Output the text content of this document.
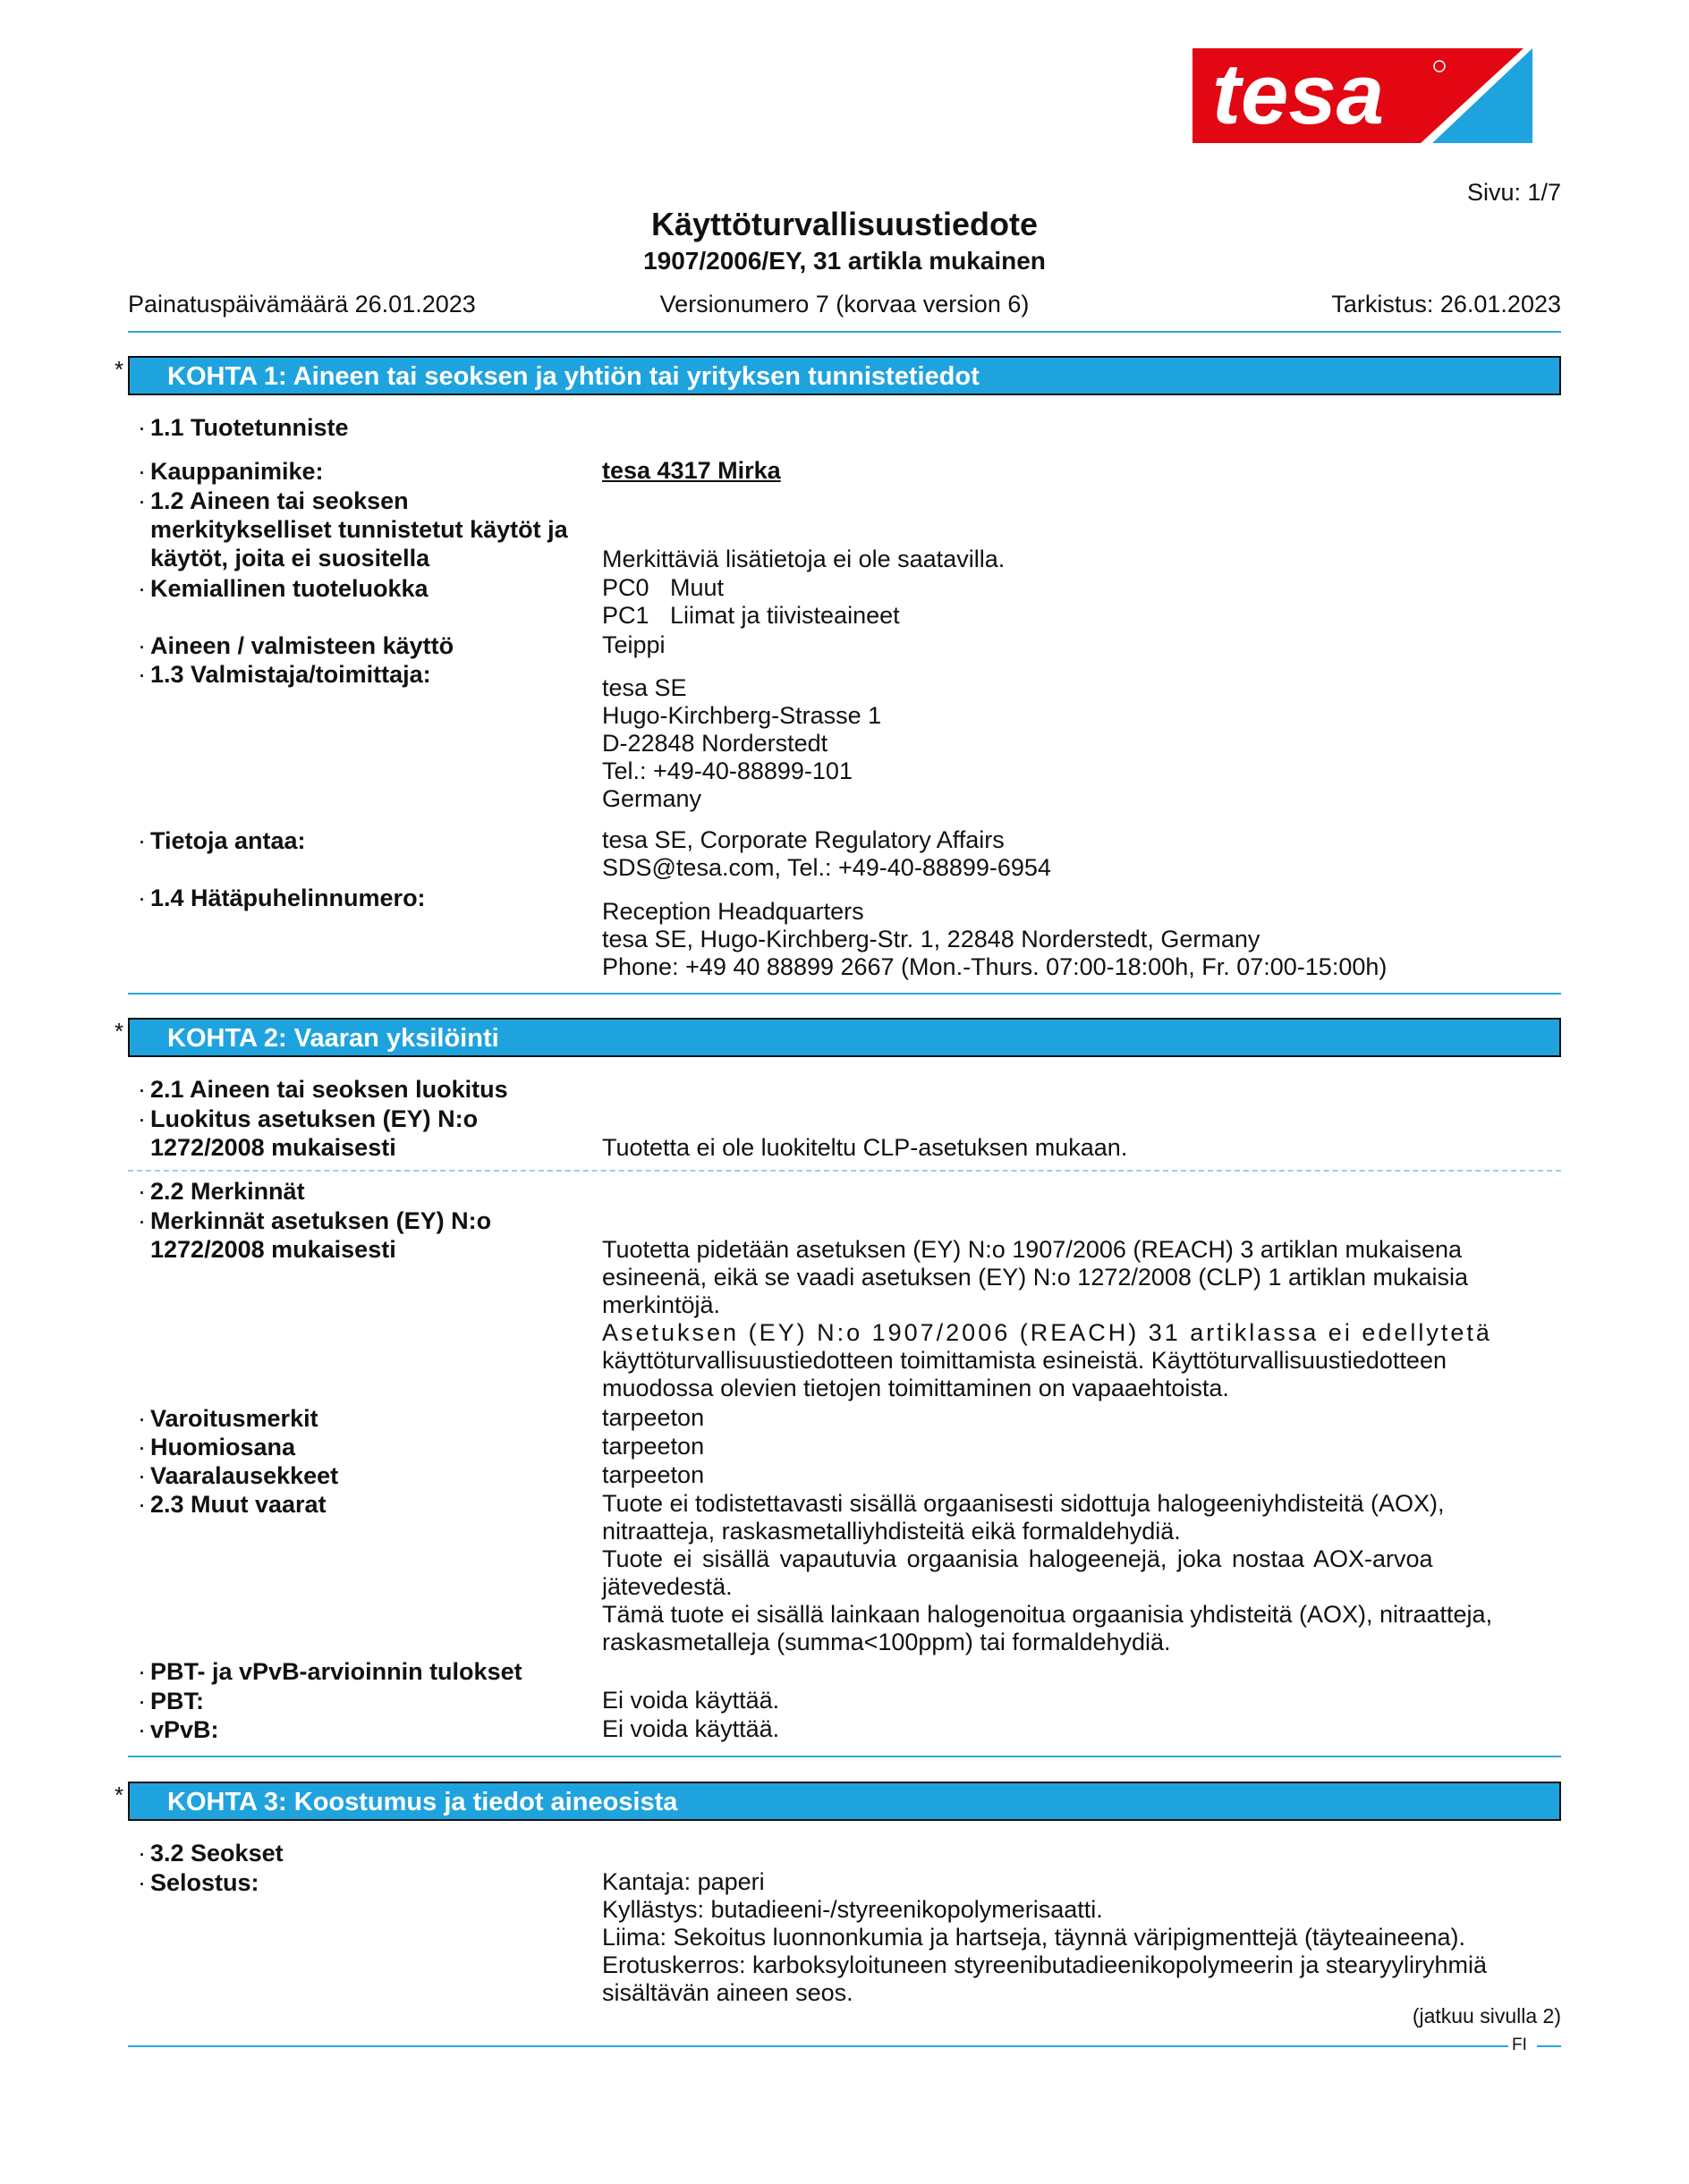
tesa
Sivu: 1/7
Käyttöturvallisuustiedote
1907/2006/EY, 31 artikla mukainen
Painatuspäivämäärä 26.01.2023	Versionumero 7 (korvaa version 6)	Tarkistus: 26.01.2023
* KOHTA 1: Aineen tai seoksen ja yhtiön tai yrityksen tunnistetiedot
· 1.1 Tuotetunniste
· Kauppanimike:	tesa 4317 Mirka
· 1.2 Aineen tai seoksen
merkitykselliset tunnistetut käytöt ja
käytöt, joita ei suositella	Merkittäviä lisätietoja ei ole saatavilla.
· Kemiallinen tuoteluokka	PC0 Muut
PC1 Liimat ja tiivisteaineet
· Aineen / valmisteen käyttö	Teippi
· 1.3 Valmistaja/toimittaja:	tesa SE
Hugo-Kirchberg-Strasse 1
D-22848 Norderstedt
Tel.: +49-40-88899-101
Germany
· Tietoja antaa:	tesa SE, Corporate Regulatory Affairs
SDS@tesa.com, Tel.: +49-40-88899-6954
· 1.4 Hätäpuhelinnumero:	Reception Headquarters
tesa SE, Hugo-Kirchberg-Str. 1, 22848 Norderstedt, Germany
Phone: +49 40 88899 2667 (Mon.-Thurs. 07:00-18:00h, Fr. 07:00-15:00h)
* KOHTA 2: Vaaran yksilöinti
· 2.1 Aineen tai seoksen luokitus
· Luokitus asetuksen (EY) N:o
1272/2008 mukaisesti	Tuotetta ei ole luokiteltu CLP-asetuksen mukaan.
· 2.2 Merkinnät
· Merkinnät asetuksen (EY) N:o
1272/2008 mukaisesti	Tuotetta pidetään asetuksen (EY) N:o 1907/2006 (REACH) 3 artiklan mukaisena
esineenä, eikä se vaadi asetuksen (EY) N:o 1272/2008 (CLP) 1 artiklan mukaisia
merkintöjä.
Asetuksen (EY) N:o 1907/2006 (REACH) 31 artiklassa ei edellytetä
käyttöturvallisuustiedotteen toimittamista esineistä. Käyttöturvallisuustiedotteen
muodossa olevien tietojen toimittaminen on vapaaehtoista.
· Varoitusmerkit	tarpeeton
· Huomiosana	tarpeeton
· Vaaralausekkeet	tarpeeton
· 2.3 Muut vaarat	Tuote ei todistettavasti sisällä orgaanisesti sidottuja halogeeniyhdisteitä (AOX),
nitraatteja, raskasmetalliyhdisteitä eikä formaldehydiä.
Tuote ei sisällä vapautuvia orgaanisia halogeenejä, joka nostaa AOX-arvoa
jätevedestä.
Tämä tuote ei sisällä lainkaan halogenoitua orgaanisia yhdisteitä (AOX), nitraatteja,
raskasmetalleja (summa<100ppm) tai formaldehydiä.
· PBT- ja vPvB-arvioinnin tulokset
· PBT:	Ei voida käyttää.
· vPvB:	Ei voida käyttää.
* KOHTA 3: Koostumus ja tiedot aineosista
· 3.2 Seokset
· Selostus:	Kantaja: paperi
Kyllästys: butadieeni-/styreenikopolymerisaatti.
Liima: Sekoitus luonnonkumia ja hartseja, täynnä väripigmenttejä (täyteaineena).
Erotuskerros: karboksyloituneen styreenibutadieenikopolymeerin ja stearyyliryhmiä
sisältävän aineen seos.
(jatkuu sivulla 2)
FI
